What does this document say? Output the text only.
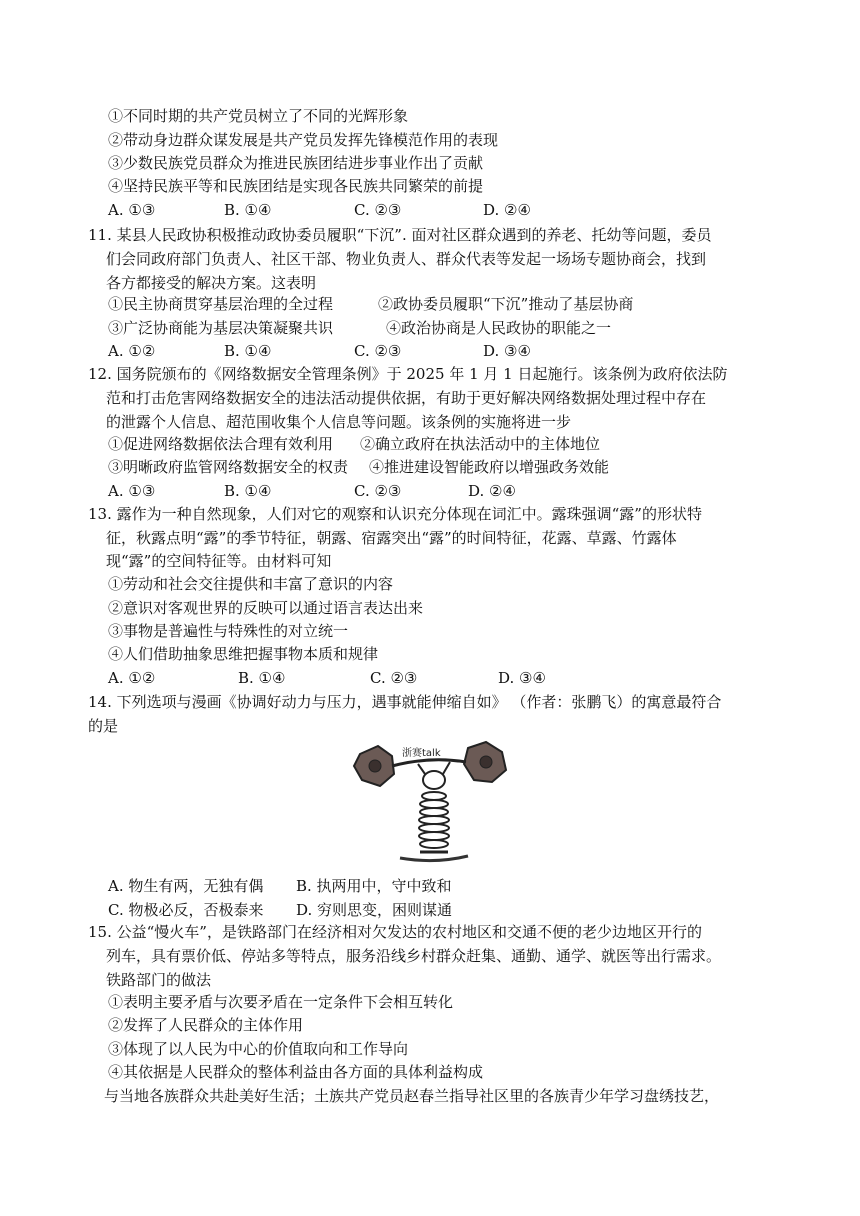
①不同时期的共产党员树立了不同的光辉形象
②带动身边群众谋发展是共产党员发挥先锋模范作用的表现
③少数民族党员群众为推进民族团结进步事业作出了贡献
④坚持民族平等和民族团结是实现各民族共同繁荣的前提
A. ①③	B. ①④	C. ②③	D. ②④
11. 某县人民政协积极推动政协委员履职“下沉”. 面对社区群众遇到的养老、托幼等问题，委员
们会同政府部门负责人、社区干部、物业负责人、群众代表等发起一场场专题协商会，找到
各方都接受的解决方案。这表明
①民主协商贯穿基层治理的全过程	②政协委员履职“下沉”推动了基层协商
③广泛协商能为基层决策凝聚共识	④政治协商是人民政协的职能之一
A. ①②	B. ①④	C. ②③	D. ③④
12. 国务院颁布的《网络数据安全管理条例》于 2025 年 1 月 1 日起施行。该条例为政府依法防
范和打击危害网络数据安全的违法活动提供依据，有助于更好解决网络数据处理过程中存在
的泄露个人信息、超范围收集个人信息等问题。该条例的实施将进一步
①促进网络数据依法合理有效利用 ②确立政府在执法活动中的主体地位
③明晰政府监管网络数据安全的权责 ④推进建设智能政府以增强政务效能
A. ①③	B. ①④	C. ②③	D. ②④
13. 露作为一种自然现象，人们对它的观察和认识充分体现在词汇中。露珠强调“露”的形状特
征，秋露点明“露”的季节特征，朝露、宿露突出“露”的时间特征，花露、草露、竹露体
现“露”的空间特征等。由材料可知
①劳动和社会交往提供和丰富了意识的内容
②意识对客观世界的反映可以通过语言表达出来
③事物是普遍性与特殊性的对立统一
④人们借助抽象思维把握事物本质和规律
A. ①②	B. ①④	C. ②③	D. ③④
14. 下列选项与漫画《协调好动力与压力，遇事就能伸缩自如》 （作者：张鹏飞）的寓意最符合
的是
浙赛talk
A. 物生有两，无独有偶 B. 执两用中，守中致和
C. 物极必反，否极泰来 D. 穷则思变，困则谋通
15. 公益“慢火车”，是铁路部门在经济相对欠发达的农村地区和交通不便的老少边地区开行的
列车，具有票价低、停站多等特点，服务沿线乡村群众赶集、通勤、通学、就医等出行需求。
铁路部门的做法
①表明主要矛盾与次要矛盾在一定条件下会相互转化
②发挥了人民群众的主体作用
③体现了以人民为中心的价值取向和工作导向
④其依据是人民群众的整体利益由各方面的具体利益构成
与当地各族群众共赴美好生活；土族共产党员赵春兰指导社区里的各族青少年学习盘绣技艺，
